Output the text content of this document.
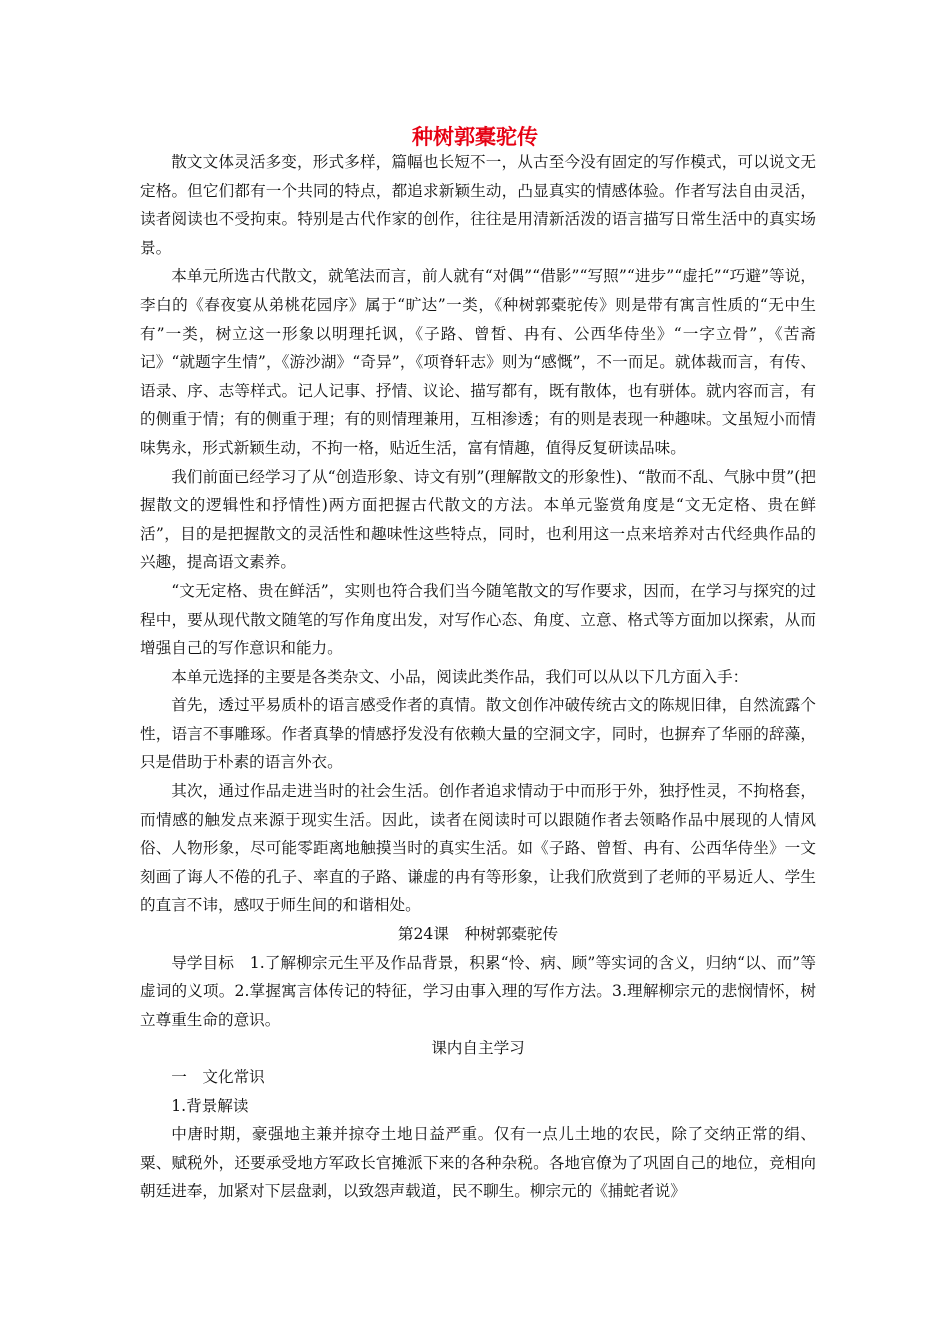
种树郭橐驼传

散文文体灵活多变，形式多样，篇幅也长短不一，从古至今没有固定的写作模式，可以说文无定格。但它们都有一个共同的特点，都追求新颖生动，凸显真实的情感体验。作者写法自由灵活，读者阅读也不受拘束。特别是古代作家的创作，往往是用清新活泼的语言描写日常生活中的真实场景。

本单元所选古代散文，就笔法而言，前人就有“对偶”“借影”“写照”“进步”“虚托”“巧避”等说，李白的《春夜宴从弟桃花园序》属于“旷达”一类，《种树郭橐驼传》则是带有寓言性质的“无中生有”一类，树立这一形象以明理托讽，《子路、曾皙、冉有、公西华侍坐》“一字立骨”，《苦斋记》“就题字生情”，《游沙湖》“奇异”，《项脊轩志》则为“感慨”，不一而足。就体裁而言，有传、语录、序、志等样式。记人记事、抒情、议论、描写都有，既有散体，也有骈体。就内容而言，有的侧重于情；有的侧重于理；有的则情理兼用，互相渗透；有的则是表现一种趣味。文虽短小而情味隽永，形式新颖生动，不拘一格，贴近生活，富有情趣，值得反复研读品味。

我们前面已经学习了从“创造形象、诗文有别”(理解散文的形象性)、“散而不乱、气脉中贯”(把握散文的逻辑性和抒情性)两方面把握古代散文的方法。本单元鉴赏角度是“文无定格、贵在鲜活”，目的是把握散文的灵活性和趣味性这些特点，同时，也利用这一点来培养对古代经典作品的兴趣，提高语文素养。

“文无定格、贵在鲜活”，实则也符合我们当今随笔散文的写作要求，因而，在学习与探究的过程中，要从现代散文随笔的写作角度出发，对写作心态、角度、立意、格式等方面加以探索，从而增强自己的写作意识和能力。

本单元选择的主要是各类杂文、小品，阅读此类作品，我们可以从以下几方面入手：

首先，透过平易质朴的语言感受作者的真情。散文创作冲破传统古文的陈规旧律，自然流露个性，语言不事雕琢。作者真挚的情感抒发没有依赖大量的空洞文字，同时，也摒弃了华丽的辞藻，只是借助于朴素的语言外衣。

其次，通过作品走进当时的社会生活。创作者追求情动于中而形于外，独抒性灵，不拘格套，而情感的触发点来源于现实生活。因此，读者在阅读时可以跟随作者去领略作品中展现的人情风俗、人物形象，尽可能零距离地触摸当时的真实生活。如《子路、曾皙、冉有、公西华侍坐》一文刻画了诲人不倦的孔子、率直的子路、谦虚的冉有等形象，让我们欣赏到了老师的平易近人、学生的直言不讳，感叹于师生间的和谐相处。

第24课　种树郭橐驼传

导学目标　1.了解柳宗元生平及作品背景，积累“怜、病、顾”等实词的含义，归纳“以、而”等虚词的义项。2.掌握寓言体传记的特征，学习由事入理的写作方法。3.理解柳宗元的悲悯情怀，树立尊重生命的意识。

课内自主学习

一　文化常识

1.背景解读

中唐时期，豪强地主兼并掠夺土地日益严重。仅有一点儿土地的农民，除了交纳正常的绢、粟、赋税外，还要承受地方军政长官摊派下来的各种杂税。各地官僚为了巩固自己的地位，竞相向朝廷进奉，加紧对下层盘剥，以致怨声载道，民不聊生。柳宗元的《捕蛇者说》
